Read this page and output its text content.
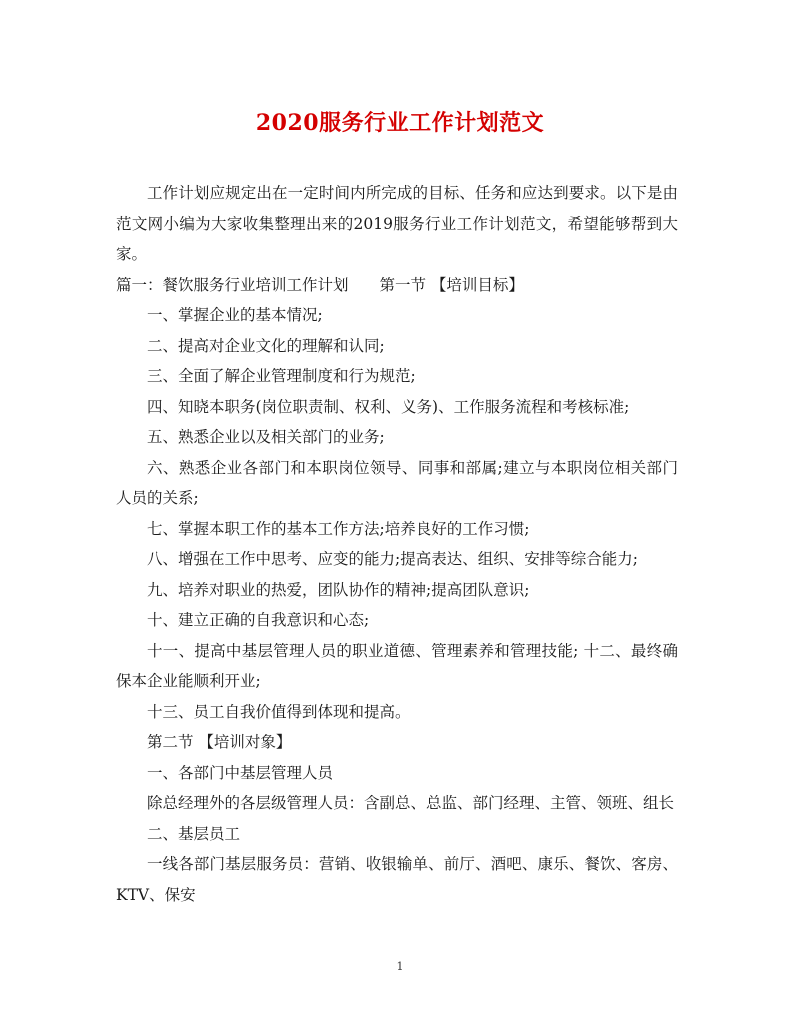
2020服务行业工作计划范文

工作计划应规定出在一定时间内所完成的目标、任务和应达到要求。以下是由范文网小编为大家收集整理出来的2019服务行业工作计划范文，希望能够帮到大家。

篇一：餐饮服务行业培训工作计划　　第一节 【培训目标】

一、掌握企业的基本情况;

二、提高对企业文化的理解和认同;

三、全面了解企业管理制度和行为规范;

四、知晓本职务(岗位职责制、权利、义务)、工作服务流程和考核标准;

五、熟悉企业以及相关部门的业务;

六、熟悉企业各部门和本职岗位领导、同事和部属;建立与本职岗位相关部门人员的关系;

七、掌握本职工作的基本工作方法;培养良好的工作习惯;

八、增强在工作中思考、应变的能力;提高表达、组织、安排等综合能力;

九、培养对职业的热爱，团队协作的精神;提高团队意识;

十、建立正确的自我意识和心态;

十一、提高中基层管理人员的职业道德、管理素养和管理技能; 十二、最终确保本企业能顺利开业;

十三、员工自我价值得到体现和提高。

第二节 【培训对象】

一、各部门中基层管理人员

除总经理外的各层级管理人员：含副总、总监、部门经理、主管、领班、组长

二、基层员工

一线各部门基层服务员：营销、收银输单、前厅、酒吧、康乐、餐饮、客房、KTV、保安

1
